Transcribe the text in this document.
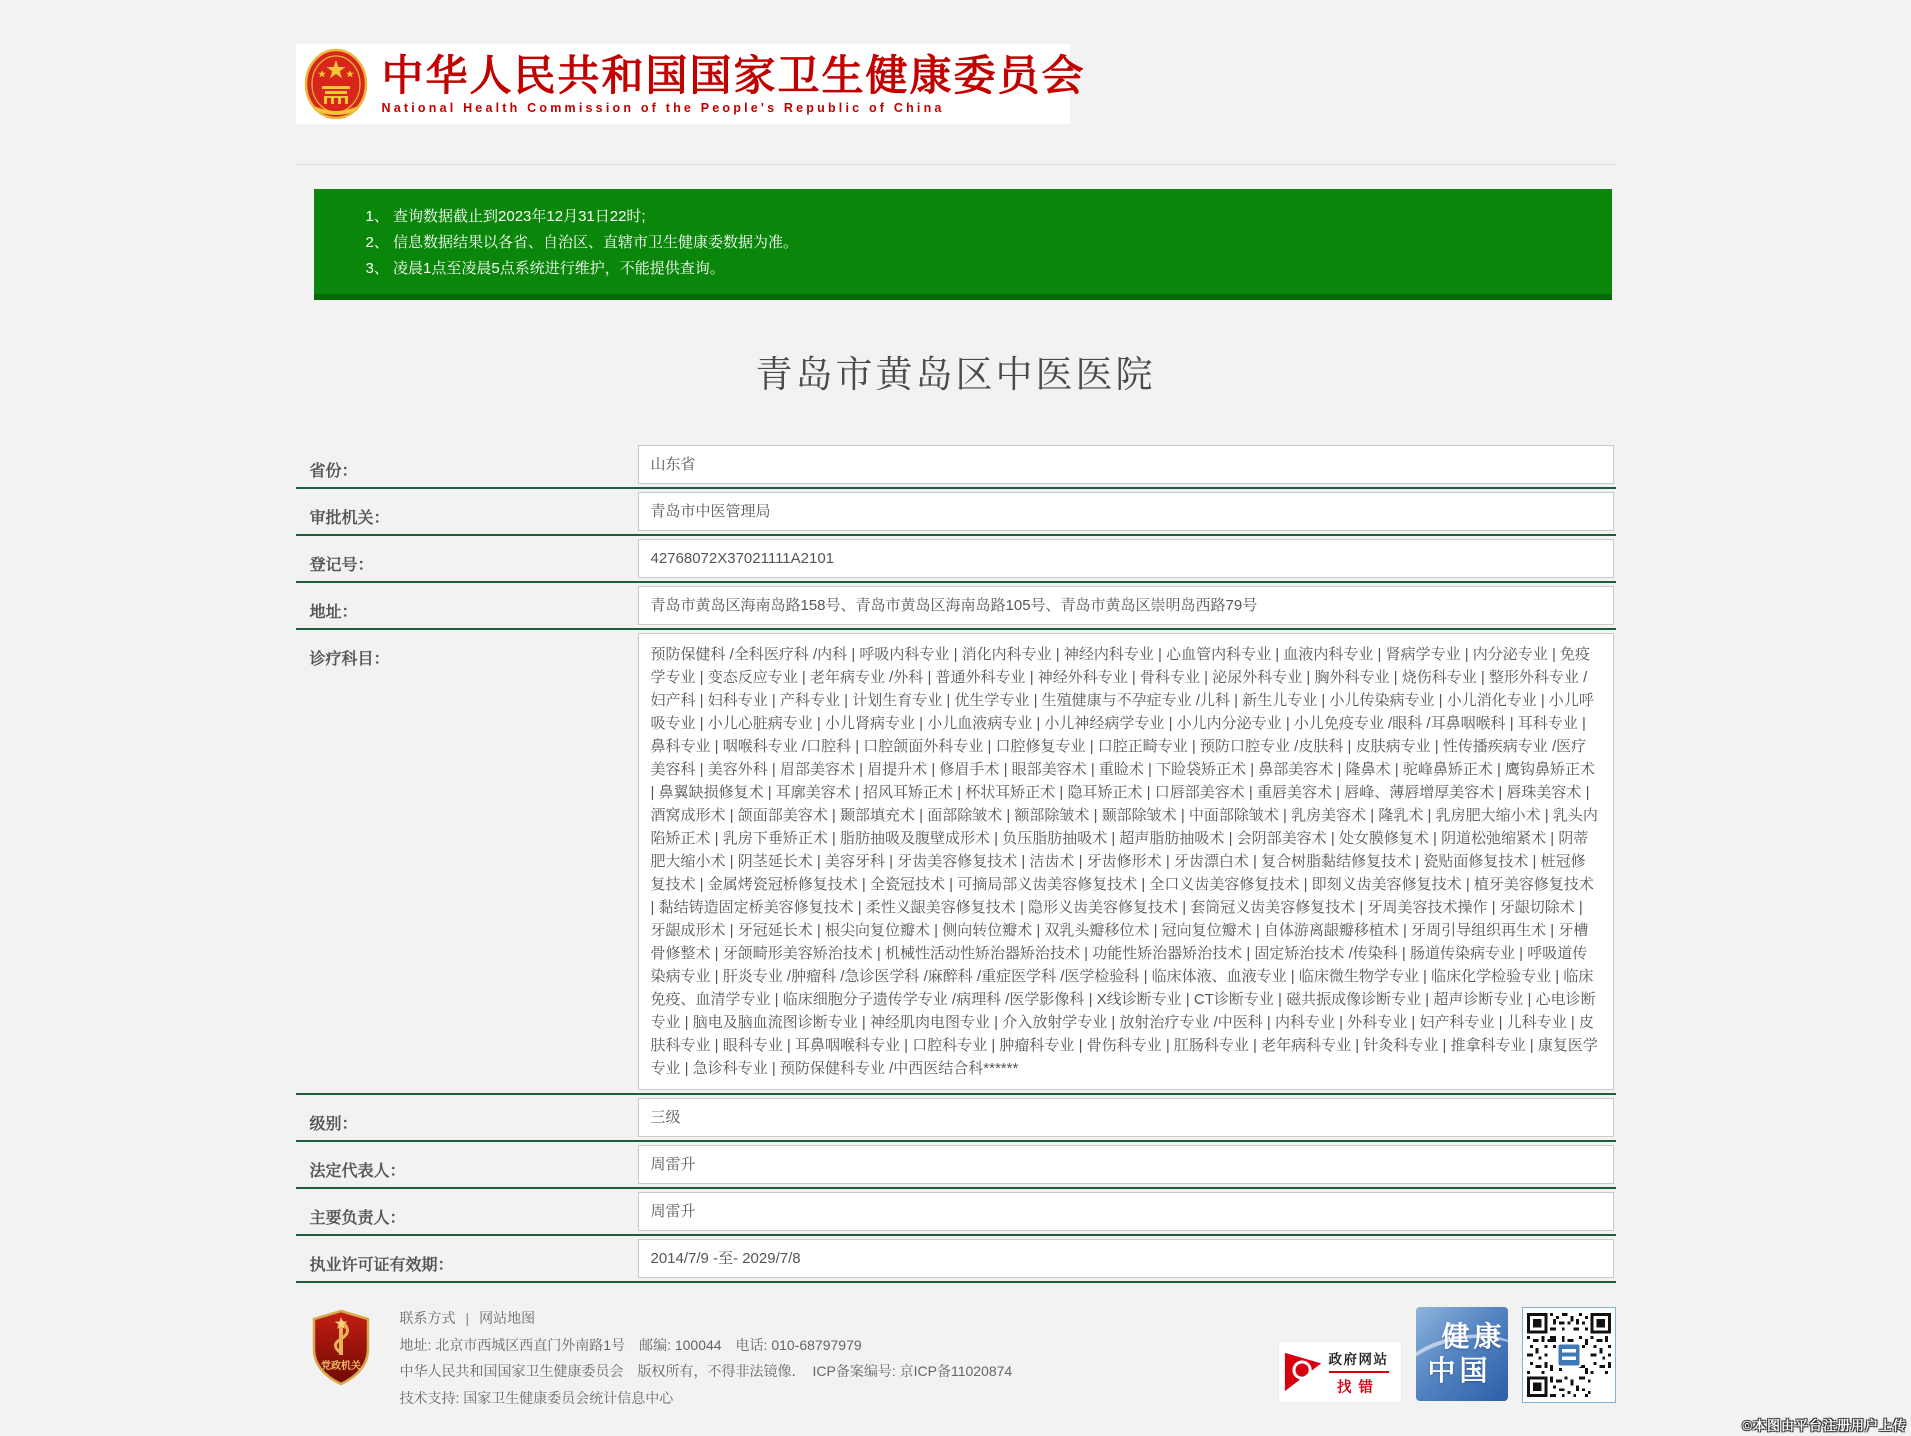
中华人民共和国国家卫生健康委员会
National Health Commission of the People's Republic of China
1、 查询数据截止到2023年12月31日22时;
2、 信息数据结果以各省、自治区、直辖市卫生健康委数据为准。
3、 凌晨1点至凌晨5点系统进行维护，不能提供查询。
青岛市黄岛区中医医院
省份：	山东省
审批机关：	青岛市中医管理局
登记号：	42768072X37021111A2101
地址：	青岛市黄岛区海南岛路158号、青岛市黄岛区海南岛路105号、青岛市黄岛区崇明岛西路79号
诊疗科目：	预防保健科 /全科医疗科 /内科 | 呼吸内科专业 | 消化内科专业 | 神经内科专业 | 心血管内科专业 | 血液内科专业 | 肾病学专业 | 内分泌专业 | 免疫学专业 | 变态反应专业 | 老年病专业 /外科 | 普通外科专业 | 神经外科专业 | 骨科专业 | 泌尿外科专业 | 胸外科专业 | 烧伤科专业 | 整形外科专业 /妇产科 | 妇科专业 | 产科专业 | 计划生育专业 | 优生学专业 | 生殖健康与不孕症专业 /儿科 | 新生儿专业 | 小儿传染病专业 | 小儿消化专业 | 小儿呼吸专业 | 小儿心脏病专业 | 小儿肾病专业 | 小儿血液病专业 | 小儿神经病学专业 | 小儿内分泌专业 | 小儿免疫专业 /眼科 /耳鼻咽喉科 | 耳科专业 | 鼻科专业 | 咽喉科专业 /口腔科 | 口腔颌面外科专业 | 口腔修复专业 | 口腔正畸专业 | 预防口腔专业 /皮肤科 | 皮肤病专业 | 性传播疾病专业 /医疗美容科 | 美容外科 | 眉部美容术 | 眉提升术 | 修眉手术 | 眼部美容术 | 重睑术 | 下睑袋矫正术 | 鼻部美容术 | 隆鼻术 | 驼峰鼻矫正术 | 鹰钩鼻矫正术 | 鼻翼缺损修复术 | 耳廓美容术 | 招风耳矫正术 | 杯状耳矫正术 | 隐耳矫正术 | 口唇部美容术 | 重唇美容术 | 唇峰、薄唇增厚美容术 | 唇珠美容术 | 酒窝成形术 | 颌面部美容术 | 颞部填充术 | 面部除皱术 | 额部除皱术 | 颞部除皱术 | 中面部除皱术 | 乳房美容术 | 隆乳术 | 乳房肥大缩小术 | 乳头内陷矫正术 | 乳房下垂矫正术 | 脂肪抽吸及腹壁成形术 | 负压脂肪抽吸术 | 超声脂肪抽吸术 | 会阴部美容术 | 处女膜修复术 | 阴道松弛缩紧术 | 阴蒂肥大缩小术 | 阴茎延长术 | 美容牙科 | 牙齿美容修复技术 | 洁齿术 | 牙齿修形术 | 牙齿漂白术 | 复合树脂黏结修复技术 | 瓷贴面修复技术 | 桩冠修复技术 | 金属烤瓷冠桥修复技术 | 全瓷冠技术 | 可摘局部义齿美容修复技术 | 全口义齿美容修复技术 | 即刻义齿美容修复技术 | 植牙美容修复技术 | 黏结铸造固定桥美容修复技术 | 柔性义龈美容修复技术 | 隐形义齿美容修复技术 | 套筒冠义齿美容修复技术 | 牙周美容技术操作 | 牙龈切除术 | 牙龈成形术 | 牙冠延长术 | 根尖向复位瓣术 | 侧向转位瓣术 | 双乳头瓣移位术 | 冠向复位瓣术 | 自体游离龈瓣移植术 | 牙周引导组织再生术 | 牙槽骨修整术 | 牙颌畸形美容矫治技术 | 机械性活动性矫治器矫治技术 | 功能性矫治器矫治技术 | 固定矫治技术 /传染科 | 肠道传染病专业 | 呼吸道传染病专业 | 肝炎专业 /肿瘤科 /急诊医学科 /麻醉科 /重症医学科 /医学检验科 | 临床体液、血液专业 | 临床微生物学专业 | 临床化学检验专业 | 临床免疫、血清学专业 | 临床细胞分子遗传学专业 /病理科 /医学影像科 | X线诊断专业 | CT诊断专业 | 磁共振成像诊断专业 | 超声诊断专业 | 心电诊断专业 | 脑电及脑血流图诊断专业 | 神经肌肉电图专业 | 介入放射学专业 | 放射治疗专业 /中医科 | 内科专业 | 外科专业 | 妇产科专业 | 儿科专业 | 皮肤科专业 | 眼科专业 | 耳鼻咽喉科专业 | 口腔科专业 | 肿瘤科专业 | 骨伤科专业 | 肛肠科专业 | 老年病科专业 | 针灸科专业 | 推拿科专业 | 康复医学专业 | 急诊科专业 | 预防保健科专业 /中西医结合科******
级别：	三级
法定代表人：	周雷升
主要负责人：	周雷升
执业许可证有效期：	2014/7/9 -至- 2029/7/8
党政机关
联系方式 | 网站地图
地址: 北京市西城区西直门外南路1号　邮编: 100044　电话: 010-68797979
中华人民共和国国家卫生健康委员会　版权所有，不得非法镜像．　ICP备案编号: 京ICP备11020874
技术支持: 国家卫生健康委员会统计信息中心
政府网站
找错
健康
中国
©本图由平台注册用户上传
